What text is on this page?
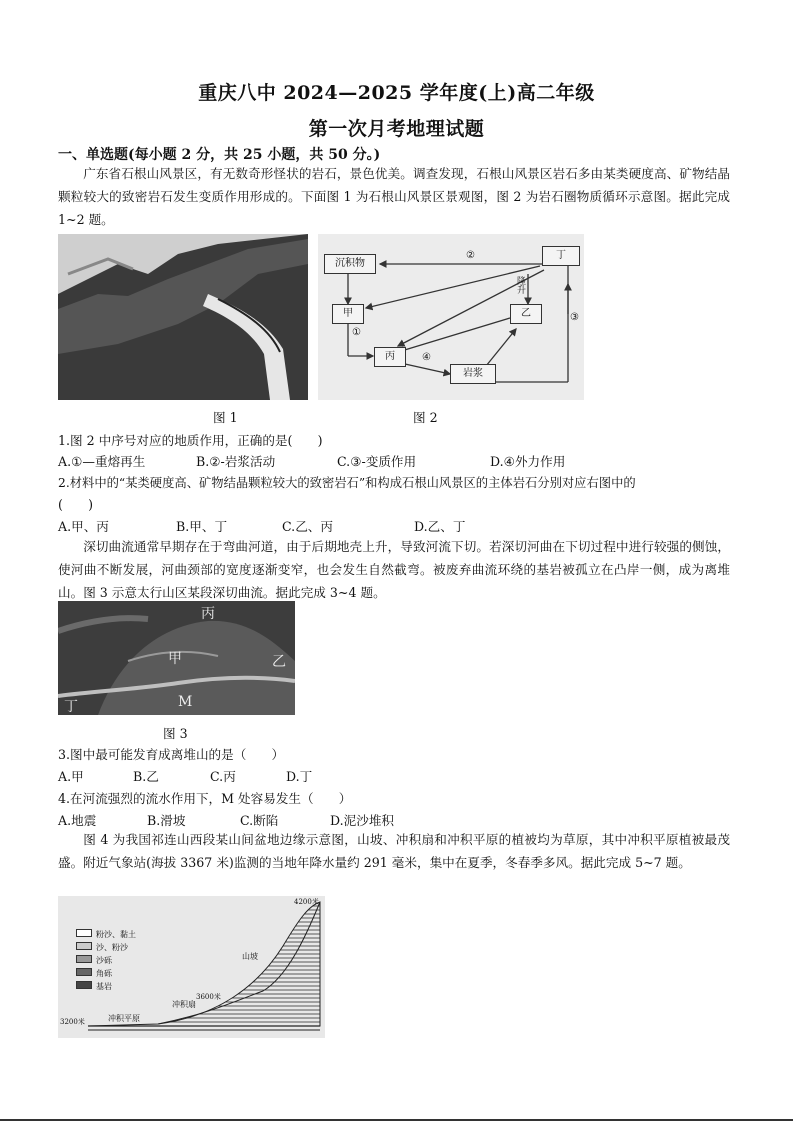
重庆八中 2024—2025 学年度(上)高二年级
第一次月考地理试题
一、单选题(每小题 2 分，共 25 小题，共 50 分。)
广东省石根山风景区，有无数奇形怪状的岩石，景色优美。调查发现，石根山风景区岩石多由某类硬度高、矿物结晶颗粒较大的致密岩石发生变质作用形成的。下面图 1 为石根山风景区景观图，图 2 为岩石圈物质循环示意图。据此完成 1~2 题。
沉积物
甲
丙
乙
丁
岩浆
②
①
④
③
隆升
图 1	图 2
1.图 2 中序号对应的地质作用，正确的是(　　)
A.①—重熔再生	B.②-岩浆活动	C.③-变质作用	D.④外力作用
2.材料中的“某类硬度高、矿物结晶颗粒较大的致密岩石”和构成石根山风景区的主体岩石分别对应右图中的
(　　)
A.甲、丙	B.甲、丁	C.乙、丙	D.乙、丁
深切曲流通常早期存在于弯曲河道，由于后期地壳上升，导致河流下切。若深切河曲在下切过程中进行较强的侧蚀，使河曲不断发展，河曲颈部的宽度逐渐变窄，也会发生自然截弯。被废弃曲流环绕的基岩被孤立在凸岸一侧，成为离堆山。图 3 示意太行山区某段深切曲流。据此完成 3~4 题。
丙
甲	乙
丁	M
图 3
3.图中最可能发育成离堆山的是（　　）
A.甲	B.乙	C.丙	D.丁
4.在河流强烈的流水作用下，M 处容易发生（　　）
A.地震	B.滑坡	C.断陷	D.泥沙堆积
图 4 为我国祁连山西段某山间盆地边缘示意图，山坡、冲积扇和冲积平原的植被均为草原，其中冲积平原植被最茂盛。附近气象站(海拔 3367 米)监测的当地年降水量约 291 毫米，集中在夏季，冬春季多风。据此完成 5~7 题。
4200米
3600米
3200米
山坡
冲积扇
冲积平原
粉沙、黏土
沙、粉沙
沙砾
角砾
基岩
